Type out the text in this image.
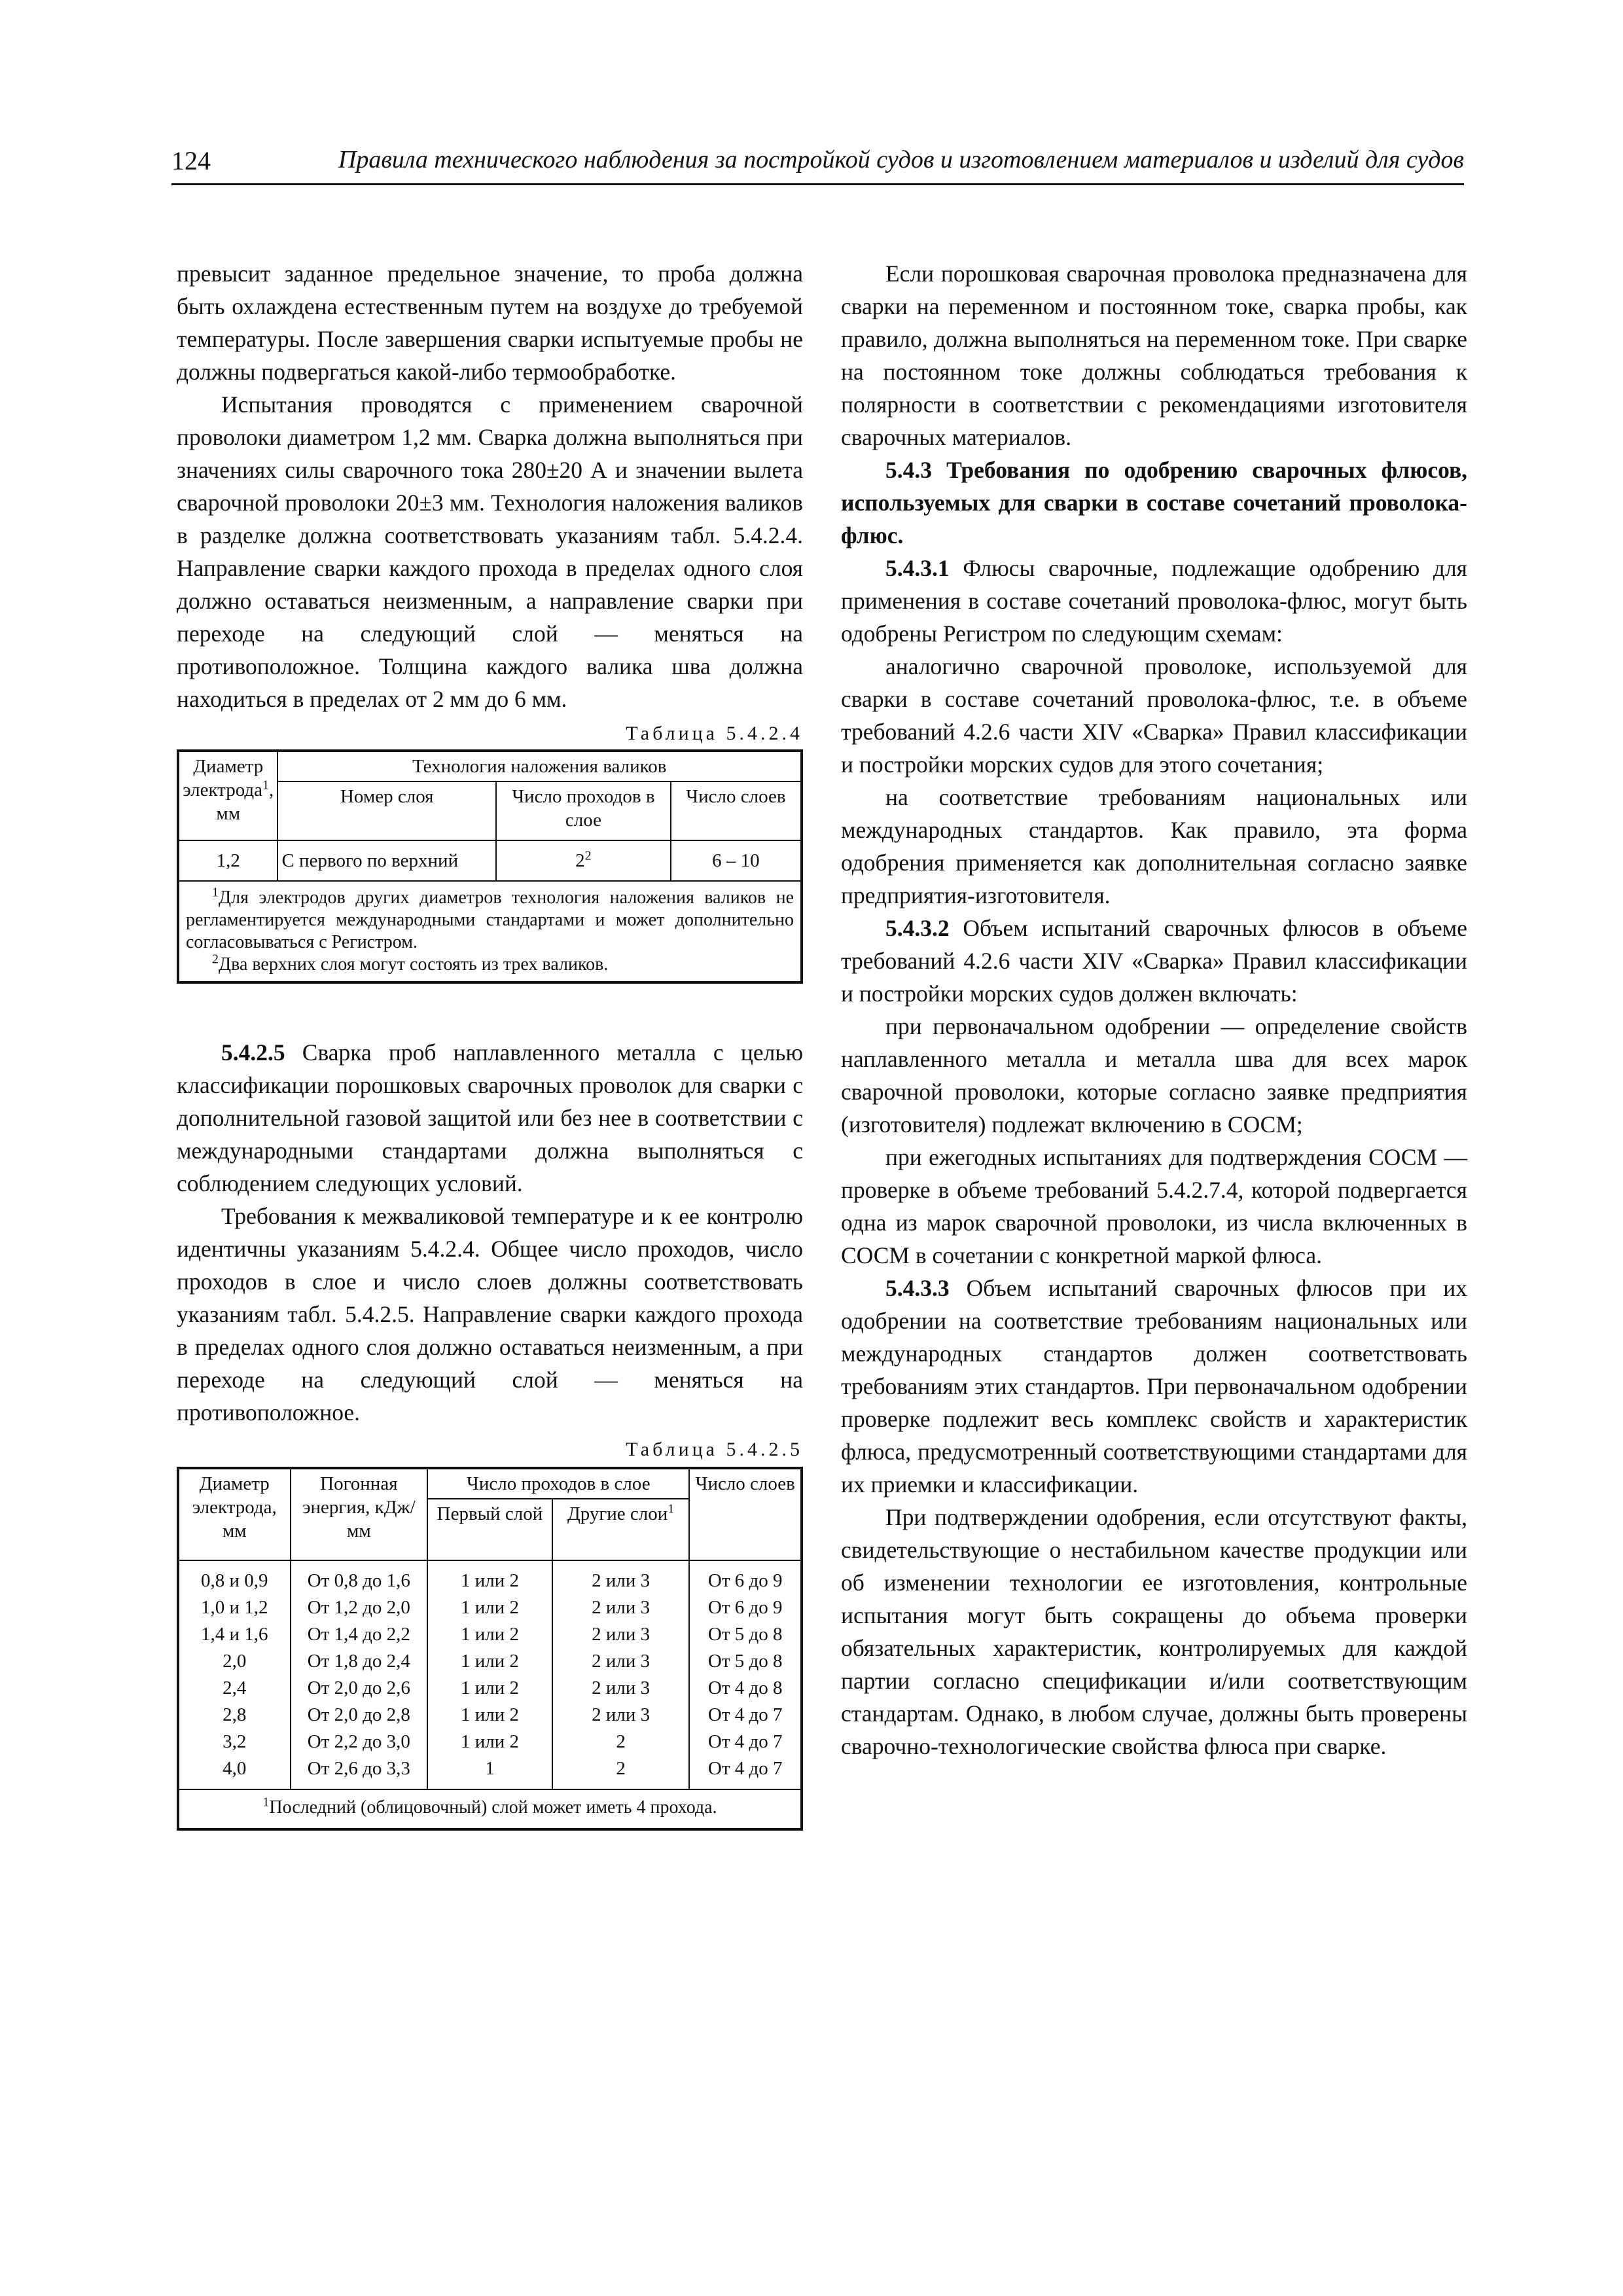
124	Правила технического наблюдения за постройкой судов и изготовлением материалов и изделий для судов

превысит заданное предельное значение, то проба должна быть охлаждена естественным путем на воздухе до требуемой температуры. После завершения сварки испытуемые пробы не должны подвергаться какой-либо термообработке.

Испытания проводятся с применением сварочной проволоки диаметром 1,2 мм. Сварка должна выполняться при значениях силы сварочного тока 280±20 А и значении вылета сварочной проволоки 20±3 мм. Технология наложения валиков в разделке должна соответствовать указаниям табл. 5.4.2.4. Направление сварки каждого прохода в пределах одного слоя должно оставаться неизменным, а направление сварки при переходе на следующий слой — меняться на противоположное. Толщина каждого валика шва должна находиться в пределах от 2 мм до 6 мм.

Таблица 5.4.2.4
Диаметр электрода$^1$, мм	Технология наложения валиков		
	Номер слоя	Число проходов в слое	Число слоев
1,2	С первого по верхний	$2^2$	6 – 10

$^1$Для электродов других диаметров технология наложения валиков не регламентируется международными стандартами и может дополнительно согласовываться с Регистром.
$^2$Два верхних слоя могут состоять из трех валиков.			

5.4.2.5 Сварка проб наплавленного металла с целью классификации порошковых сварочных проволок для сварки с дополнительной газовой защитой или без нее в соответствии с международными стандартами должна выполняться с соблюдением следующих условий.

Требования к межваликовой температуре и к ее контролю идентичны указаниям 5.4.2.4. Общее число проходов, число проходов в слое и число слоев должны соответствовать указаниям табл. 5.4.2.5. Направление сварки каждого прохода в пределах одного слоя должно оставаться неизменным, а при переходе на следующий слой — меняться на противоположное.

Таблица 5.4.2.5
Диаметр электрода, мм	Погонная энергия, кДж/мм	Число проходов в слое		Число слоев
		Первый слой	Другие слои$^1$
0,8 и 0,9	От 0,8 до 1,6	1 или 2	2 или 3	От 6 до 9
1,0 и 1,2	От 1,2 до 2,0	1 или 2	2 или 3	От 6 до 9
1,4 и 1,6	От 1,4 до 2,2	1 или 2	2 или 3	От 5 до 8
2,0	От 1,8 до 2,4	1 или 2	2 или 3	От 5 до 8
2,4	От 2,0 до 2,6	1 или 2	2 или 3	От 4 до 8
2,8	От 2,0 до 2,8	1 или 2	2 или 3	От 4 до 7
3,2	От 2,2 до 3,0	1 или 2	2	От 4 до 7
4,0	От 2,6 до 3,3	1	2	От 4 до 7
$^1$Последний (облицовочный) слой может иметь 4 прохода.				

Если порошковая сварочная проволока предназначена для сварки на переменном и постоянном токе, сварка пробы, как правило, должна выполняться на переменном токе. При сварке на постоянном токе должны соблюдаться требования к полярности в соответствии с рекомендациями изготовителя сварочных материалов.

5.4.3 Требования по одобрению сварочных флюсов, используемых для сварки в составе сочетаний проволока-флюс.

5.4.3.1 Флюсы сварочные, подлежащие одобрению для применения в составе сочетаний проволока-флюс, могут быть одобрены Регистром по следующим схемам:

аналогично сварочной проволоке, используемой для сварки в составе сочетаний проволока-флюс, т.е. в объеме требований 4.2.6 части XIV «Сварка» Правил классификации и постройки морских судов для этого сочетания;

на соответствие требованиям национальных или международных стандартов. Как правило, эта форма одобрения применяется как дополнительная согласно заявке предприятия-изготовителя.

5.4.3.2 Объем испытаний сварочных флюсов в объеме требований 4.2.6 части XIV «Сварка» Правил классификации и постройки морских судов должен включать:

при первоначальном одобрении — определение свойств наплавленного металла и металла шва для всех марок сварочной проволоки, которые согласно заявке предприятия (изготовителя) подлежат включению в СОСМ;

при ежегодных испытаниях для подтверждения СОСМ — проверке в объеме требований 5.4.2.7.4, которой подвергается одна из марок сварочной проволоки, из числа включенных в СОСМ в сочетании с конкретной маркой флюса.

5.4.3.3 Объем испытаний сварочных флюсов при их одобрении на соответствие требованиям национальных или международных стандартов должен соответствовать требованиям этих стандартов. При первоначальном одобрении проверке подлежит весь комплекс свойств и характеристик флюса, предусмотренный соответствующими стандартами для их приемки и классификации.

При подтверждении одобрения, если отсутствуют факты, свидетельствующие о нестабильном качестве продукции или об изменении технологии ее изготовления, контрольные испытания могут быть сокращены до объема проверки обязательных характеристик, контролируемых для каждой партии согласно спецификации и/или соответствующим стандартам. Однако, в любом случае, должны быть проверены сварочно-технологические свойства флюса при сварке.
